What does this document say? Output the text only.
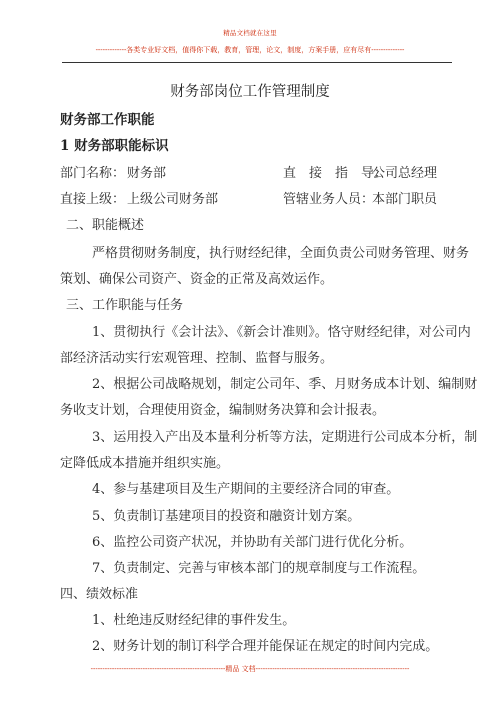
精品文档就在这里
-------------各类专业好文档，值得你下载，教育，管理，论文，制度，方案手册，应有尽有--------------
财务部岗位工作管理制度
财务部工作职能
1 财务部职能标识
部门名称： 财务部	直　接　指　导：
公司总经理
直接上级： 上级公司财务部	管辖业务人员：
本部门职员
二、职能概述
严格贯彻财务制度，执行财经纪律，全面负责公司财务管理、财务
策划、确保公司资产、资金的正常及高效运作。
三、工作职能与任务
1、贯彻执行《会计法》、《新会计准则》。恪守财经纪律，对公司内
部经济活动实行宏观管理、控制、监督与服务。
2、根据公司战略规划，制定公司年、季、月财务成本计划、编制财
务收支计划，合理使用资金，编制财务决算和会计报表。
3、运用投入产出及本量利分析等方法，定期进行公司成本分析，制
定降低成本措施并组织实施。
4、参与基建项目及生产期间的主要经济合同的审查。
5、负责制订基建项目的投资和融资计划方案。
6、监控公司资产状况，并协助有关部门进行优化分析。
7、负责制定、完善与审核本部门的规章制度与工作流程。
四、绩效标准
1、杜绝违反财经纪律的事件发生。
2、财务计划的制订科学合理并能保证在规定的时间内完成。
---------------------------------------------------------精品 文档-----------------------------------------------------------------
